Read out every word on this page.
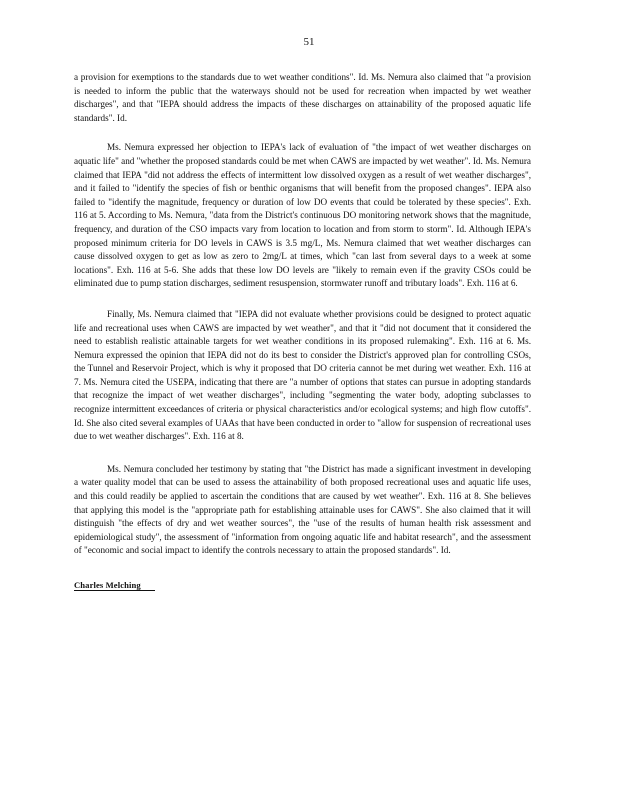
51

a provision for exemptions to the standards due to wet weather conditions". Id. Ms. Nemura also claimed that "a provision is needed to inform the public that the waterways should not be used for recreation when impacted by wet weather discharges", and that "IEPA should address the impacts of these discharges on attainability of the proposed aquatic life standards". Id.

Ms. Nemura expressed her objection to IEPA's lack of evaluation of "the impact of wet weather discharges on aquatic life" and "whether the proposed standards could be met when CAWS are impacted by wet weather". Id. Ms. Nemura claimed that IEPA "did not address the effects of intermittent low dissolved oxygen as a result of wet weather discharges", and it failed to "identify the species of fish or benthic organisms that will benefit from the proposed changes". IEPA also failed to "identify the magnitude, frequency or duration of low DO events that could be tolerated by these species". Exh. 116 at 5. According to Ms. Nemura, "data from the District's continuous DO monitoring network shows that the magnitude, frequency, and duration of the CSO impacts vary from location to location and from storm to storm". Id. Although IEPA's proposed minimum criteria for DO levels in CAWS is 3.5 mg/L, Ms. Nemura claimed that wet weather discharges can cause dissolved oxygen to get as low as zero to 2mg/L at times, which "can last from several days to a week at some locations". Exh. 116 at 5-6. She adds that these low DO levels are "likely to remain even if the gravity CSOs could be eliminated due to pump station discharges, sediment resuspension, stormwater runoff and tributary loads". Exh. 116 at 6.

Finally, Ms. Nemura claimed that "IEPA did not evaluate whether provisions could be designed to protect aquatic life and recreational uses when CAWS are impacted by wet weather", and that it "did not document that it considered the need to establish realistic attainable targets for wet weather conditions in its proposed rulemaking". Exh. 116 at 6. Ms. Nemura expressed the opinion that IEPA did not do its best to consider the District's approved plan for controlling CSOs, the Tunnel and Reservoir Project, which is why it proposed that DO criteria cannot be met during wet weather. Exh. 116 at 7. Ms. Nemura cited the USEPA, indicating that there are "a number of options that states can pursue in adopting standards that recognize the impact of wet weather discharges", including "segmenting the water body, adopting subclasses to recognize intermittent exceedances of criteria or physical characteristics and/or ecological systems; and high flow cutoffs". Id. She also cited several examples of UAAs that have been conducted in order to "allow for suspension of recreational uses due to wet weather discharges". Exh. 116 at 8.

Ms. Nemura concluded her testimony by stating that "the District has made a significant investment in developing a water quality model that can be used to assess the attainability of both proposed recreational uses and aquatic life uses, and this could readily be applied to ascertain the conditions that are caused by wet weather". Exh. 116 at 8. She believes that applying this model is the "appropriate path for establishing attainable uses for CAWS". She also claimed that it will distinguish "the effects of dry and wet weather sources", the "use of the results of human health risk assessment and epidemiological study", the assessment of "information from ongoing aquatic life and habitat research", and the assessment of "economic and social impact to identify the controls necessary to attain the proposed standards". Id.

Charles Melching
